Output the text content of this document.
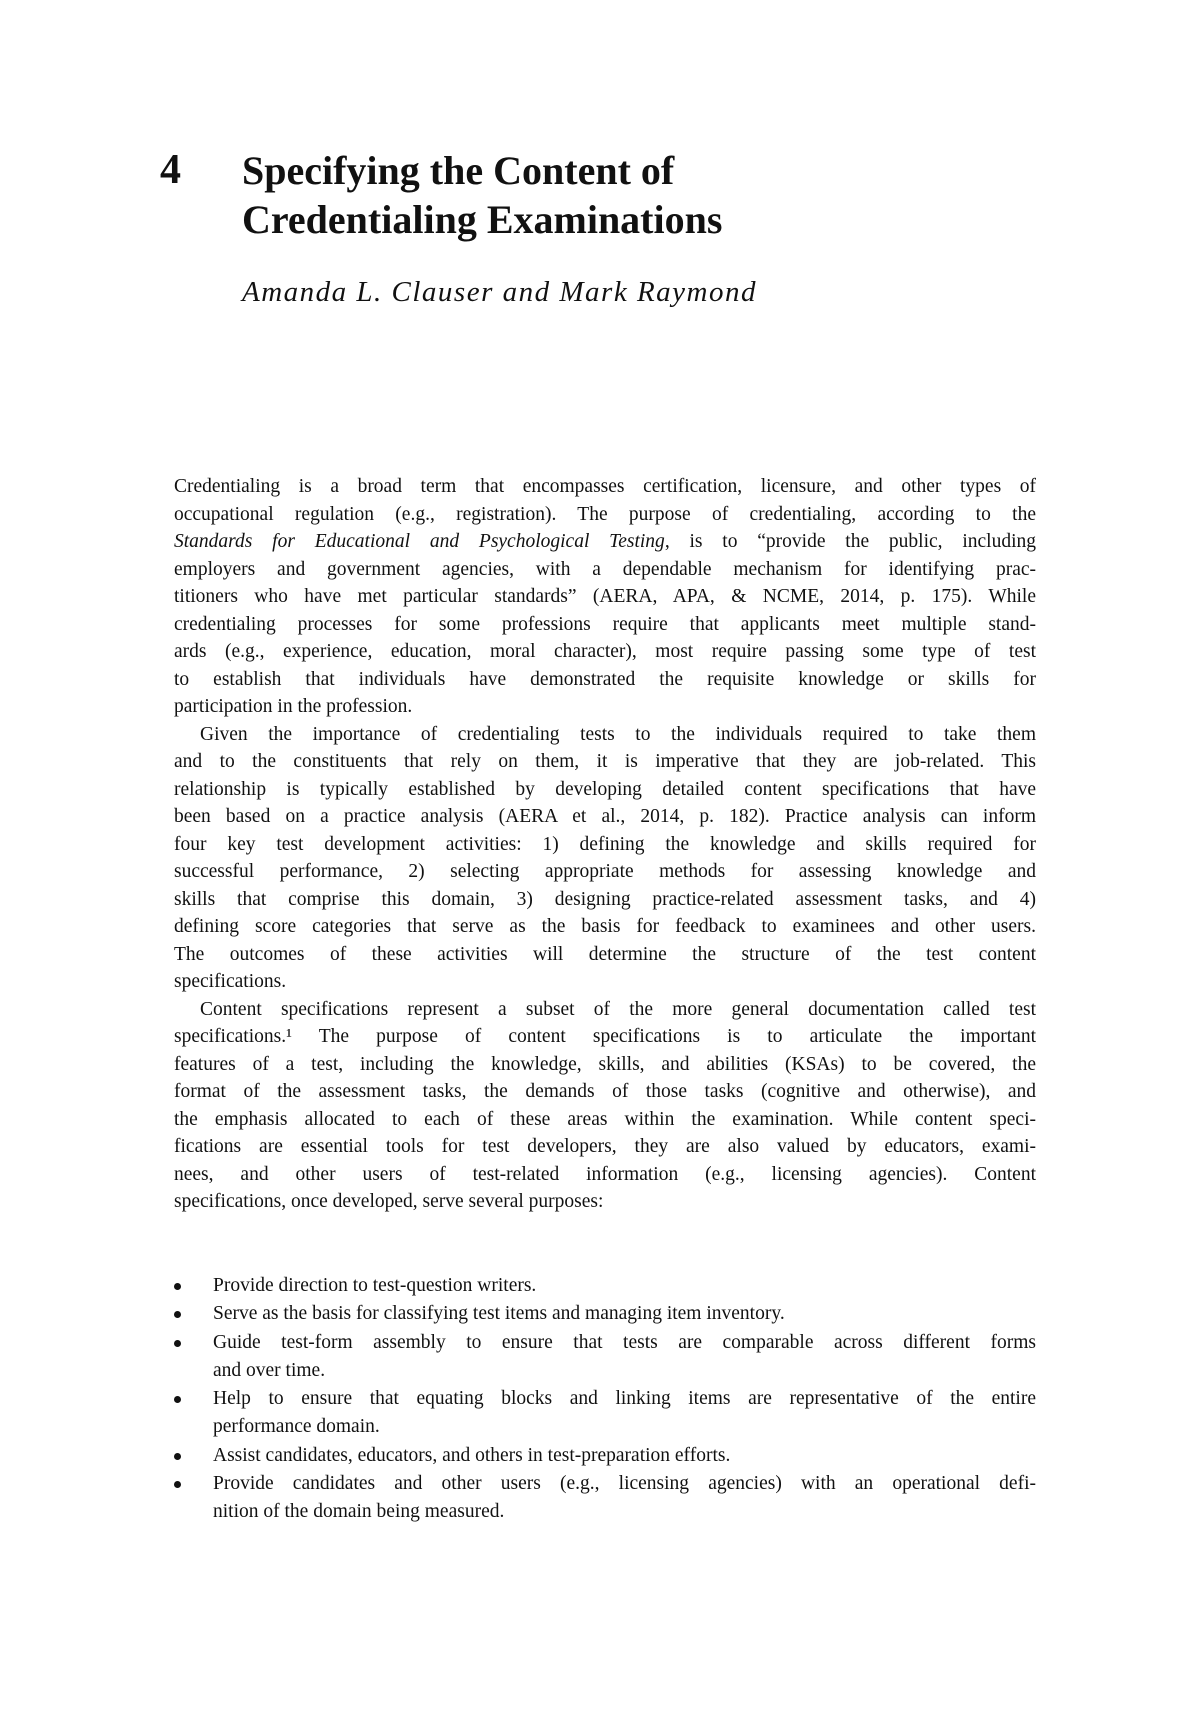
4 Specifying the Content of
Credentialing Examinations
Amanda L. Clauser and Mark Raymond
Credentialing is a broad term that encompasses certification, licensure, and other types of
occupational regulation (e.g., registration). The purpose of credentialing, according to the
Standards for Educational and Psychological Testing, is to “provide the public, including
employers and government agencies, with a dependable mechanism for identifying prac-
titioners who have met particular standards” (AERA, APA, & NCME, 2014, p. 175). While
credentialing processes for some professions require that applicants meet multiple stand-
ards (e.g., experience, education, moral character), most require passing some type of test
to establish that individuals have demonstrated the requisite knowledge or skills for
participation in the profession.
Given the importance of credentialing tests to the individuals required to take them
and to the constituents that rely on them, it is imperative that they are job-related. This
relationship is typically established by developing detailed content specifications that have
been based on a practice analysis (AERA et al., 2014, p. 182). Practice analysis can inform
four key test development activities: 1) defining the knowledge and skills required for
successful performance, 2) selecting appropriate methods for assessing knowledge and
skills that comprise this domain, 3) designing practice-related assessment tasks, and 4)
defining score categories that serve as the basis for feedback to examinees and other users.
The outcomes of these activities will determine the structure of the test content
specifications.
Content specifications represent a subset of the more general documentation called test
specifications.¹ The purpose of content specifications is to articulate the important
features of a test, including the knowledge, skills, and abilities (KSAs) to be covered, the
format of the assessment tasks, the demands of those tasks (cognitive and otherwise), and
the emphasis allocated to each of these areas within the examination. While content speci-
fications are essential tools for test developers, they are also valued by educators, exami-
nees, and other users of test-related information (e.g., licensing agencies). Content
specifications, once developed, serve several purposes:
Provide direction to test-question writers.
Serve as the basis for classifying test items and managing item inventory.
Guide test-form assembly to ensure that tests are comparable across different forms
and over time.
Help to ensure that equating blocks and linking items are representative of the entire
performance domain.
Assist candidates, educators, and others in test-preparation efforts.
Provide candidates and other users (e.g., licensing agencies) with an operational defi-
nition of the domain being measured.
